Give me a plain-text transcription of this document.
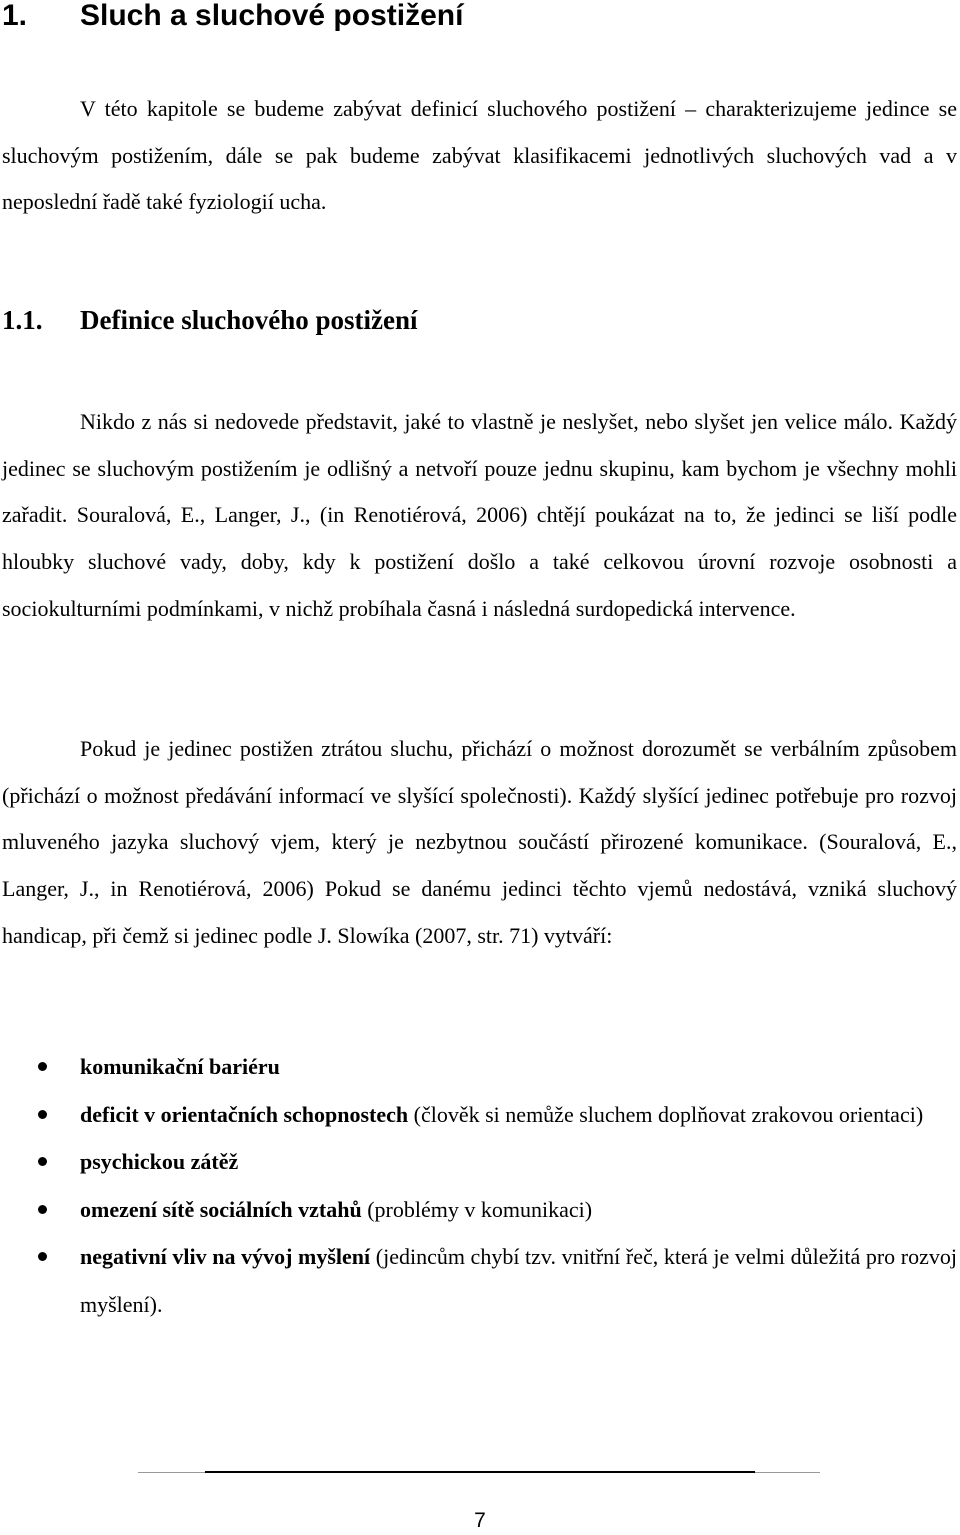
1. Sluch a sluchové postižení

V této kapitole se budeme zabývat definicí sluchového postižení – charakterizujeme jedince se sluchovým postižením, dále se pak budeme zabývat klasifikacemi jednotlivých sluchových vad a v neposlední řadě také fyziologií ucha.

1.1. Definice sluchového postižení

Nikdo z nás si nedovede představit, jaké to vlastně je neslyšet, nebo slyšet jen velice málo. Každý jedinec se sluchovým postižením je odlišný a netvoří pouze jednu skupinu, kam bychom je všechny mohli zařadit. Souralová, E., Langer, J., (in Renotiérová, 2006) chtějí poukázat na to, že jedinci se liší podle hloubky sluchové vady, doby, kdy k postižení došlo a také celkovou úrovní rozvoje osobnosti a sociokulturními podmínkami, v nichž probíhala časná i následná surdopedická intervence.

Pokud je jedinec postižen ztrátou sluchu, přichází o možnost dorozumět se verbálním způsobem (přichází o možnost předávání informací ve slyšící společnosti). Každý slyšící jedinec potřebuje pro rozvoj mluveného jazyka sluchový vjem, který je nezbytnou součástí přirozené komunikace. (Souralová, E., Langer, J., in Renotiérová, 2006) Pokud se danému jedinci těchto vjemů nedostává, vzniká sluchový handicap, při čemž si jedinec podle J. Slowíka (2007, str. 71) vytváří:

komunikační bariéru
deficit v orientačních schopnostech (člověk si nemůže sluchem doplňovat zrakovou orientaci)
psychickou zátěž
omezení sítě sociálních vztahů (problémy v komunikaci)
negativní vliv na vývoj myšlení (jedincům chybí tzv. vnitřní řeč, která je velmi důležitá pro rozvoj myšlení).
7
